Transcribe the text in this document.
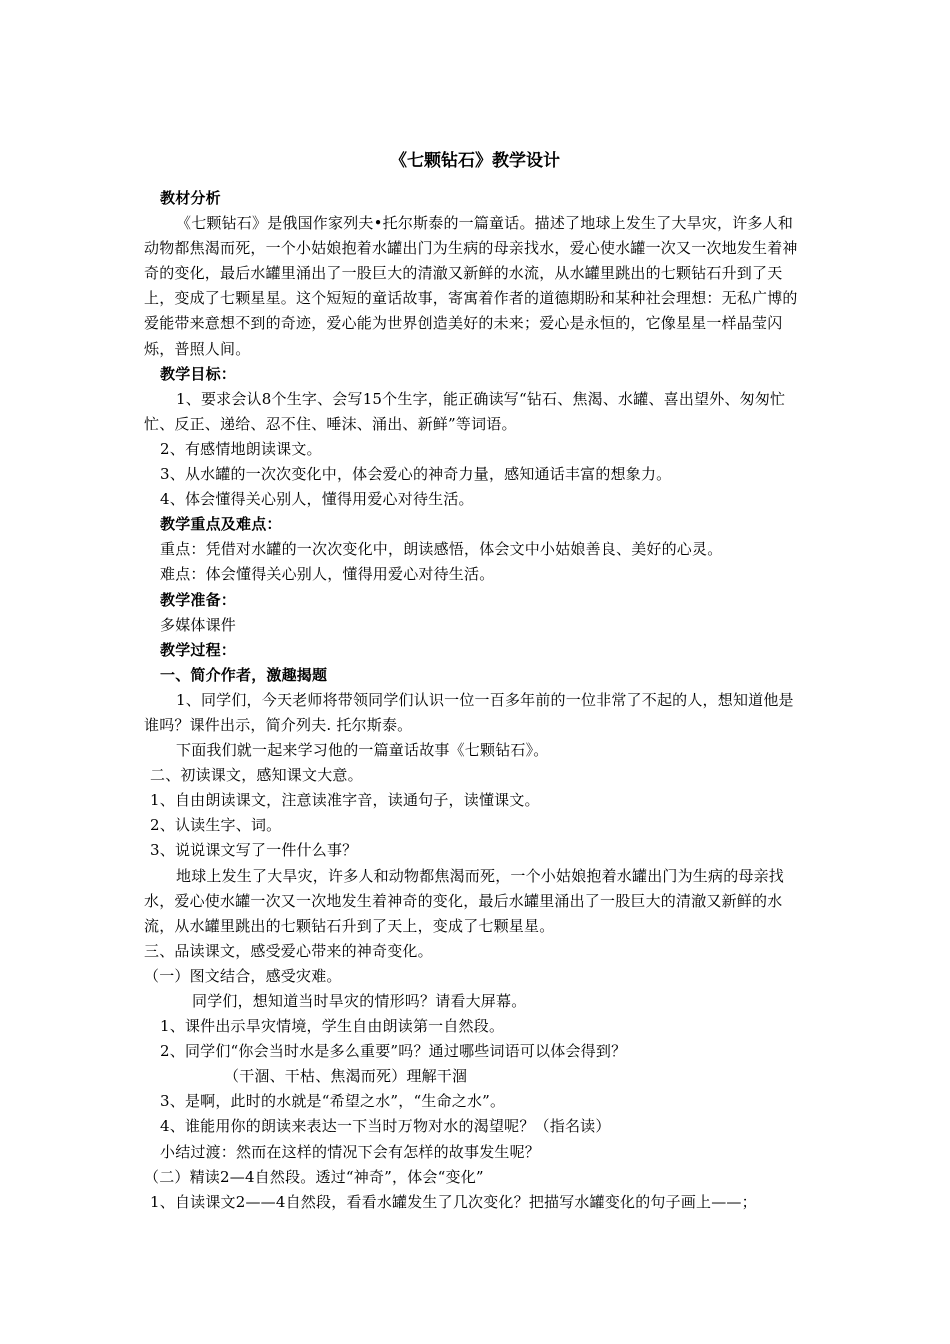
《七颗钻石》教学设计

教材分析

《七颗钻石》是俄国作家列夫•托尔斯泰的一篇童话。描述了地球上发生了大旱灾，许多人和动物都焦渴而死，一个小姑娘抱着水罐出门为生病的母亲找水，爱心使水罐一次又一次地发生着神奇的变化，最后水罐里涌出了一股巨大的清澈又新鲜的水流，从水罐里跳出的七颗钻石升到了天上，变成了七颗星星。这个短短的童话故事，寄寓着作者的道德期盼和某种社会理想：无私广博的爱能带来意想不到的奇迹，爱心能为世界创造美好的未来；爱心是永恒的，它像星星一样晶莹闪烁，普照人间。

教学目标：

1、要求会认8个生字、会写15个生字，能正确读写“钻石、焦渴、水罐、喜出望外、匆匆忙忙、反正、递给、忍不住、唾沫、涌出、新鲜”等词语。

2、有感情地朗读课文。

3、从水罐的一次次变化中，体会爱心的神奇力量，感知通话丰富的想象力。

4、体会懂得关心别人，懂得用爱心对待生活。

教学重点及难点：

重点：凭借对水罐的一次次变化中，朗读感悟，体会文中小姑娘善良、美好的心灵。

难点：体会懂得关心别人，懂得用爱心对待生活。

教学准备：

多媒体课件

教学过程：

一、简介作者，激趣揭题

1、同学们，今天老师将带领同学们认识一位一百多年前的一位非常了不起的人，想知道他是谁吗？课件出示，简介列夫. 托尔斯泰。

下面我们就一起来学习他的一篇童话故事《七颗钻石》。

二、初读课文，感知课文大意。

1、自由朗读课文，注意读准字音，读通句子，读懂课文。

2、认读生字、词。

3、说说课文写了一件什么事？

地球上发生了大旱灾，许多人和动物都焦渴而死，一个小姑娘抱着水罐出门为生病的母亲找水，爱心使水罐一次又一次地发生着神奇的变化，最后水罐里涌出了一股巨大的清澈又新鲜的水流，从水罐里跳出的七颗钻石升到了天上，变成了七颗星星。

三、品读课文，感受爱心带来的神奇变化。

（一）图文结合，感受灾难。

同学们，想知道当时旱灾的情形吗？请看大屏幕。

1、课件出示旱灾情境，学生自由朗读第一自然段。

2、同学们“你会当时水是多么重要”吗？通过哪些词语可以体会得到？

（干涸、干枯、焦渴而死）理解干涸

3、是啊，此时的水就是“希望之水”，“生命之水”。

4、谁能用你的朗读来表达一下当时万物对水的渴望呢？（指名读）

小结过渡：然而在这样的情况下会有怎样的故事发生呢？

（二）精读2—4自然段。透过“神奇”，体会“变化”

1、自读课文2——4自然段，看看水罐发生了几次变化？把描写水罐变化的句子画上——；
